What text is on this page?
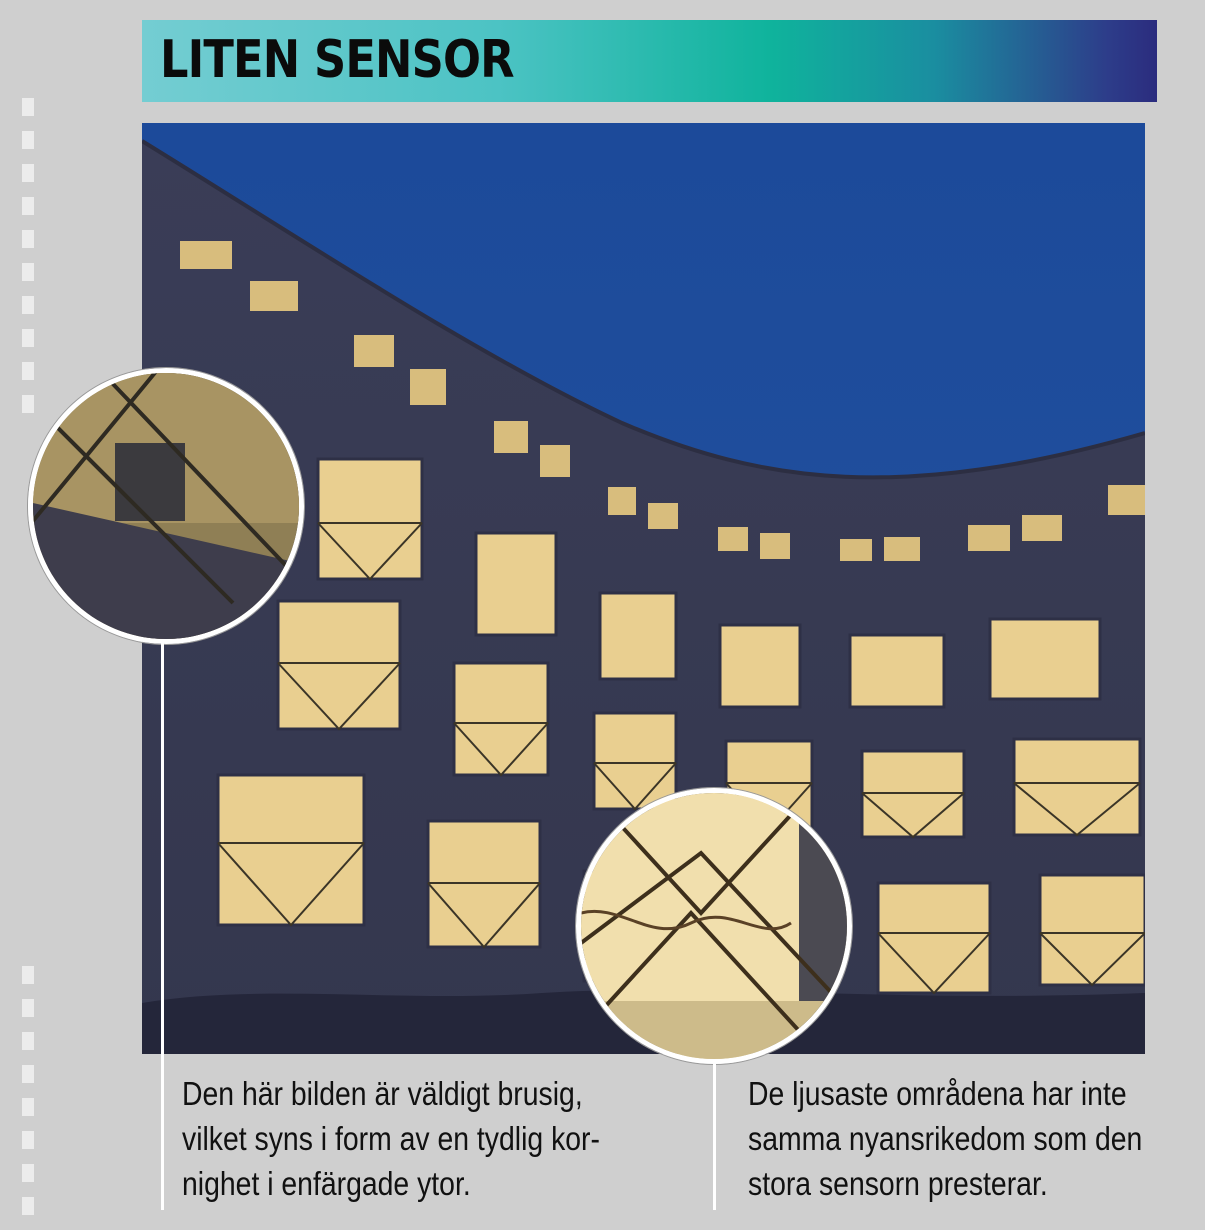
LITEN SENSOR
Den här bilden är väldigt brusig,
vilket syns i form av en tydlig kor-
nighet i enfärgade ytor.
De ljusaste områdena har inte
samma nyansrikedom som den
stora sensorn presterar.
